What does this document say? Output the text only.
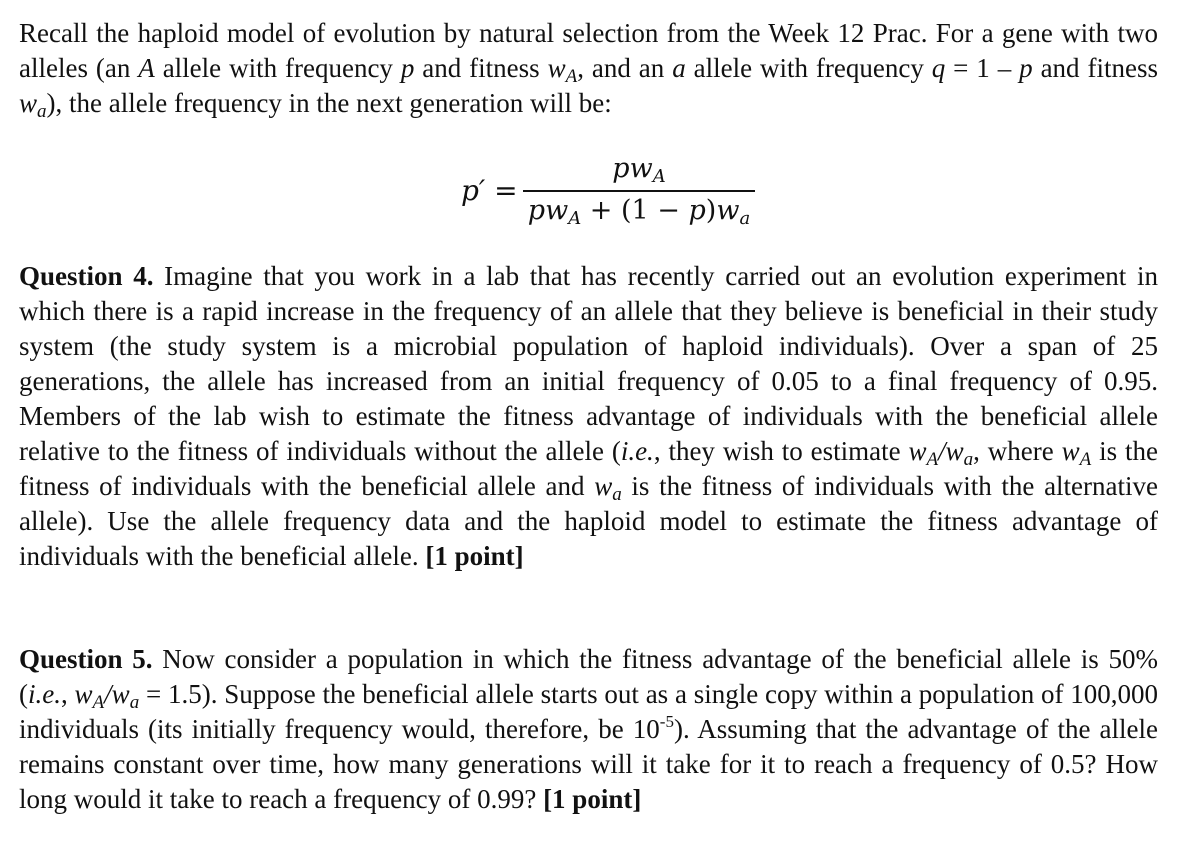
Recall the haploid model of evolution by natural selection from the Week 12 Prac. For a gene with two alleles (an A allele with frequency p and fitness $w_A$, and an a allele with frequency q = 1 – p and fitness $w_a$), the allele frequency in the next generation will be:

p′ =
pwA
pwA + (1 − p)wa

Question 4. Imagine that you work in a lab that has recently carried out an evolution experiment in which there is a rapid increase in the frequency of an allele that they believe is beneficial in their study system (the study system is a microbial population of haploid individuals). Over a span of 25 generations, the allele has increased from an initial frequency of 0.05 to a final frequency of 0.95. Members of the lab wish to estimate the fitness advantage of individuals with the beneficial allele relative to the fitness of individuals without the allele (i.e., they wish to estimate $w_A/w_a$, where $w_A$ is the fitness of individuals with the beneficial allele and $w_a$ is the fitness of individuals with the alternative allele). Use the allele frequency data and the haploid model to estimate the fitness advantage of individuals with the beneficial allele. [1 point]

Question 5. Now consider a population in which the fitness advantage of the beneficial allele is 50% (i.e., $w_A/w_a = 1.5$). Suppose the beneficial allele starts out as a single copy within a population of 100,000 individuals (its initially frequency would, therefore, be $10^{-5}$). Assuming that the advantage of the allele remains constant over time, how many generations will it take for it to reach a frequency of 0.5? How long would it take to reach a frequency of 0.99? [1 point]
